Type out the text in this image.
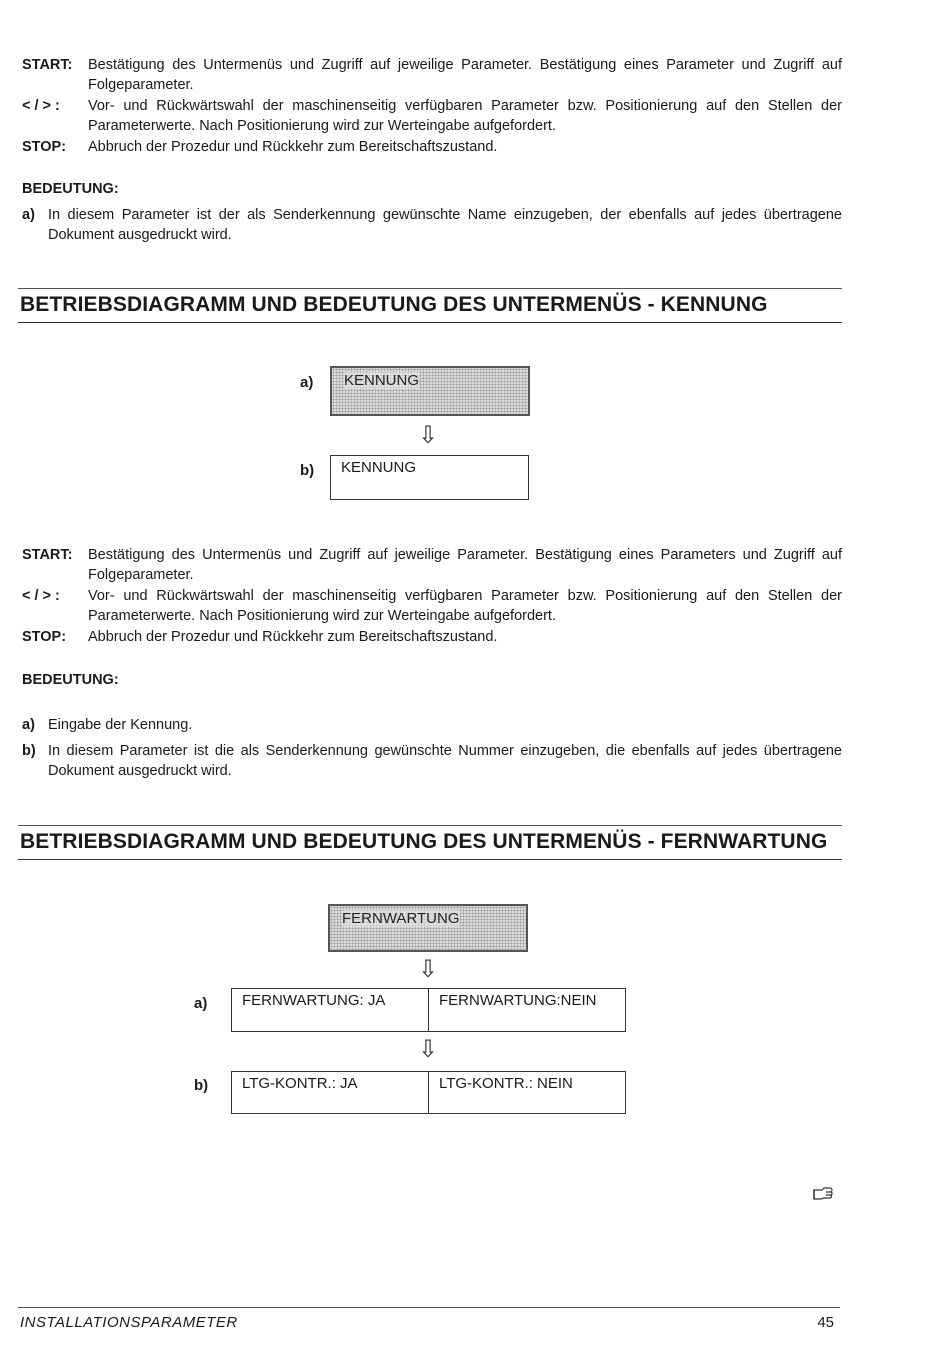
START: Bestätigung des Untermenüs und Zugriff auf jeweilige Parameter. Bestätigung eines Parameter und Zugriff auf Folgeparameter.
< / > : Vor- und Rückwärtswahl der maschinenseitig verfügbaren Parameter bzw. Positionierung auf den Stellen der Parameterwerte. Nach Positionierung wird zur Werteingabe aufgefordert.
STOP: Abbruch der Prozedur und Rückkehr zum Bereitschaftszustand.
BEDEUTUNG:
a) In diesem Parameter ist der als Senderkennung gewünschte Name einzugeben, der ebenfalls auf jedes übertragene Dokument ausgedruckt wird.
BETRIEBSDIAGRAMM UND BEDEUTUNG DES UNTERMENÜS - KENNUNG
a)	KENNUNG
⇩
b)	KENNUNG
START: Bestätigung des Untermenüs und Zugriff auf jeweilige Parameter. Bestätigung eines Parameters und Zugriff auf Folgeparameter.
< / > : Vor- und Rückwärtswahl der maschinenseitig verfügbaren Parameter bzw. Positionierung auf den Stellen der Parameterwerte. Nach Positionierung wird zur Werteingabe aufgefordert.
STOP: Abbruch der Prozedur und Rückkehr zum Bereitschaftszustand.
BEDEUTUNG:
a) Eingabe der Kennung.
b) In diesem Parameter ist die als Senderkennung gewünschte Nummer einzugeben, die ebenfalls auf jedes übertragene Dokument ausgedruckt wird.
BETRIEBSDIAGRAMM UND BEDEUTUNG DES UNTERMENÜS - FERNWARTUNG
FERNWARTUNG
⇩
a)	FERNWARTUNG: JA	FERNWARTUNG:NEIN
⇩
b)	LTG-KONTR.: JA	LTG-KONTR.: NEIN
INSTALLATIONSPARAMETER	45
